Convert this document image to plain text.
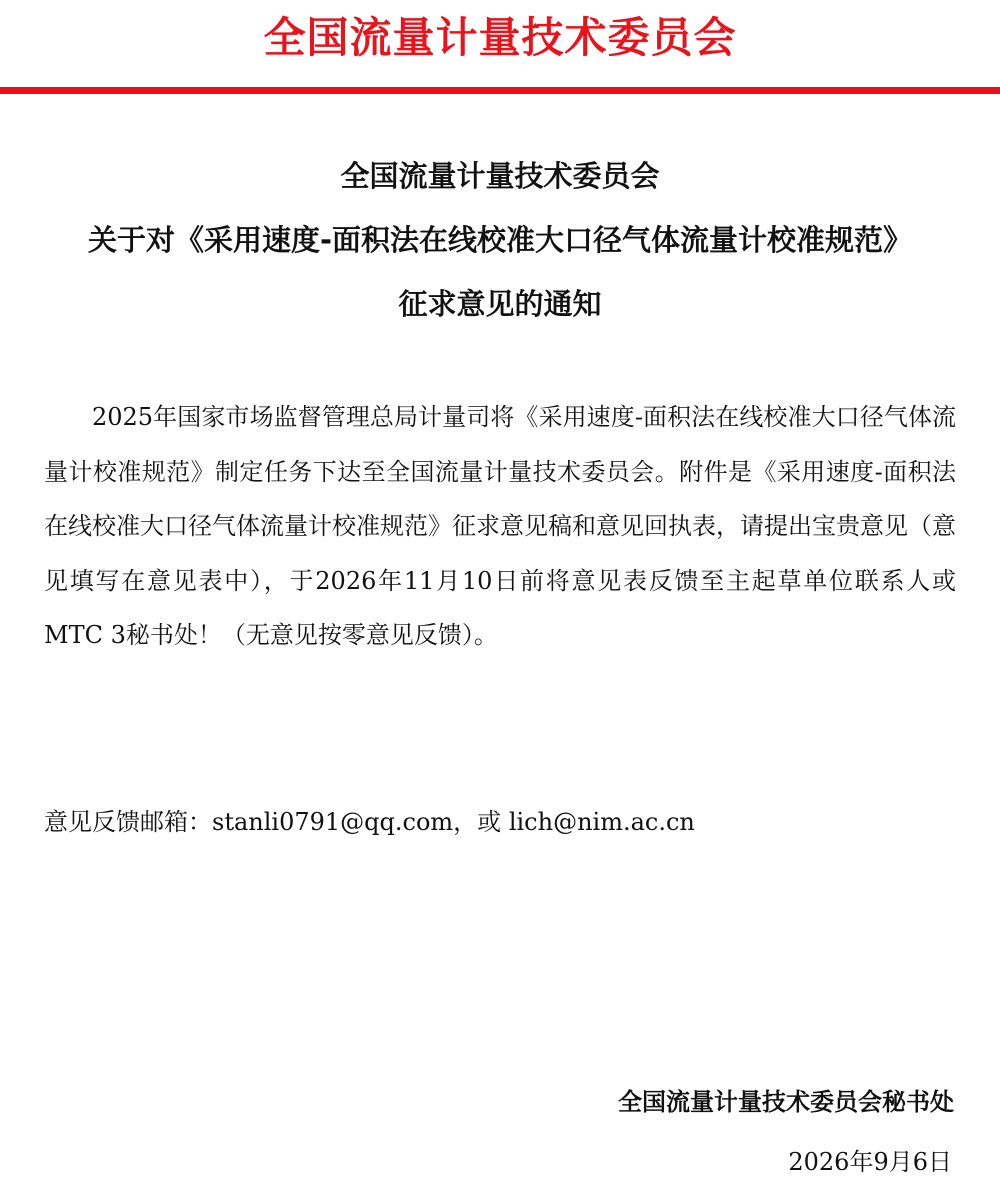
全国流量计量技术委员会
全国流量计量技术委员会
关于对《采用速度-面积法在线校准大口径气体流量计校准规范》
征求意见的通知

2025年国家市场监督管理总局计量司将《采用速度-面积法在线校准大口径气体流量计校准规范》制定任务下达至全国流量计量技术委员会。附件是《采用速度-面积法在线校准大口径气体流量计校准规范》征求意见稿和意见回执表，请提出宝贵意见（意见填写在意见表中），于2026年11月10日前将意见表反馈至主起草单位联系人或MTC 3秘书处！（无意见按零意见反馈）。

意见反馈邮箱：stanli0791@qq.com，或 lich@nim.ac.cn
全国流量计量技术委员会秘书处
2026年9月6日
